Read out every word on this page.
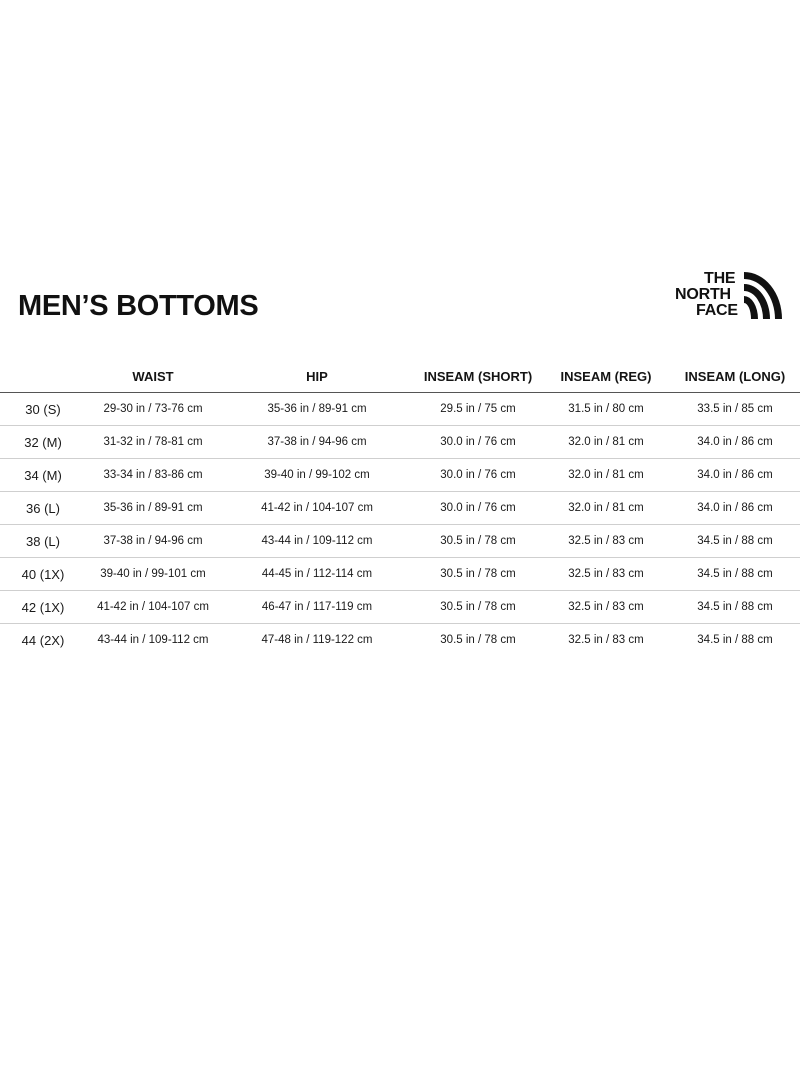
MEN’S BOTTOMS
THE
NORTH
FACE
	WAIST	HIP	INSEAM (SHORT)	INSEAM (REG)	INSEAM (LONG)
30 (S)	29-30 in / 73-76 cm	35-36 in / 89-91 cm	29.5 in / 75 cm	31.5 in / 80 cm	33.5 in / 85 cm
32 (M)	31-32 in / 78-81 cm	37-38 in / 94-96 cm	30.0 in / 76 cm	32.0 in / 81 cm	34.0 in / 86 cm
34 (M)	33-34 in / 83-86 cm	39-40 in / 99-102 cm	30.0 in / 76 cm	32.0 in / 81 cm	34.0 in / 86 cm
36 (L)	35-36 in / 89-91 cm	41-42 in / 104-107 cm	30.0 in / 76 cm	32.0 in / 81 cm	34.0 in / 86 cm
38 (L)	37-38 in / 94-96 cm	43-44 in / 109-112 cm	30.5 in / 78 cm	32.5 in / 83 cm	34.5 in / 88 cm
40 (1X)	39-40 in / 99-101 cm	44-45 in / 112-114 cm	30.5 in / 78 cm	32.5 in / 83 cm	34.5 in / 88 cm
42 (1X)	41-42 in / 104-107 cm	46-47 in / 117-119 cm	30.5 in / 78 cm	32.5 in / 83 cm	34.5 in / 88 cm
44 (2X)	43-44 in / 109-112 cm	47-48 in / 119-122 cm	30.5 in / 78 cm	32.5 in / 83 cm	34.5 in / 88 cm
